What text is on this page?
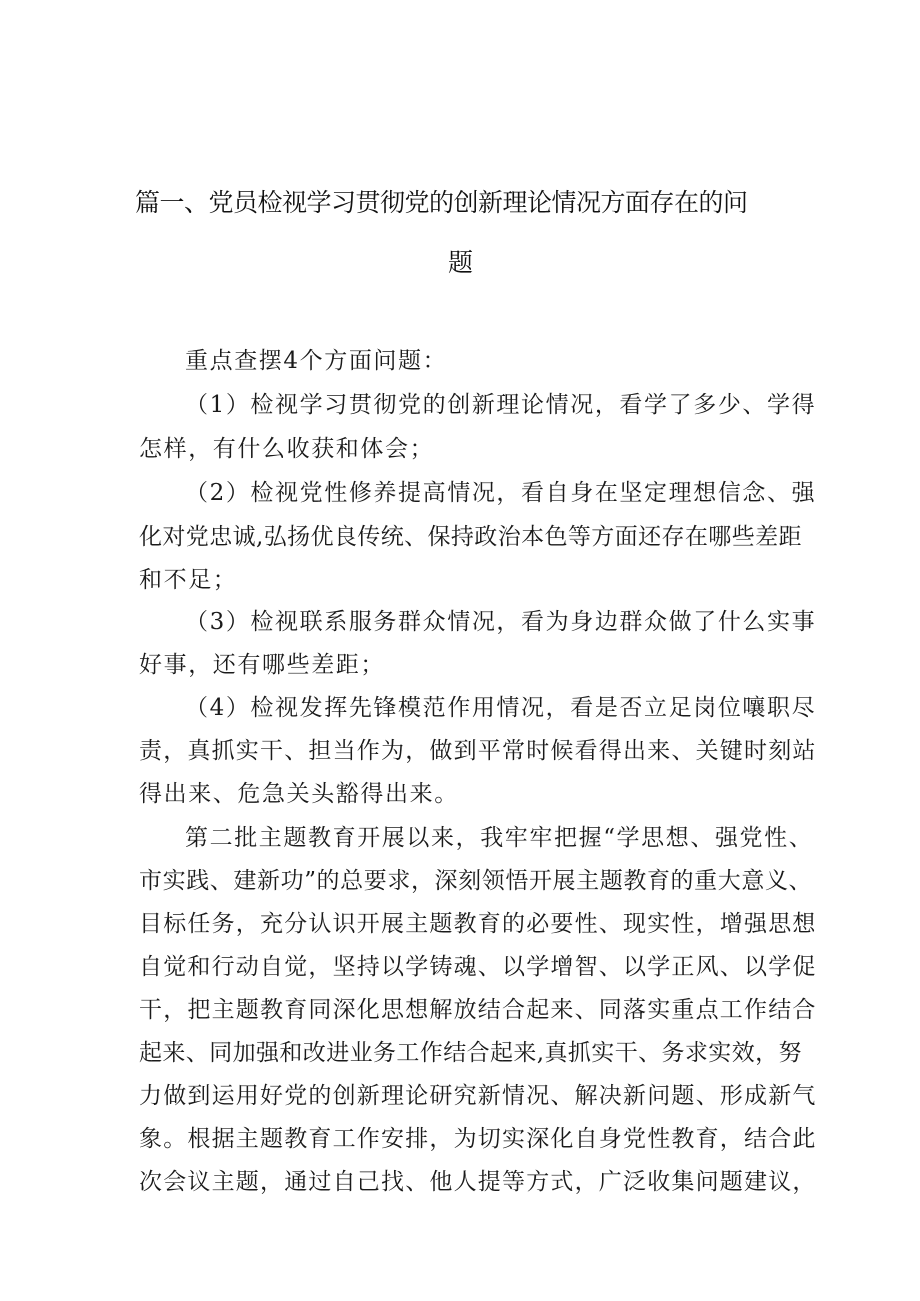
篇一、党员检视学习贯彻党的创新理论情况方面存在的问
题
重点查摆4个方面问题：
（1）检视学习贯彻党的创新理论情况，看学了多少、学得
怎样，有什么收获和体会；
（2）检视党性修养提高情况，看自身在坚定理想信念、强
化对党忠诚,弘扬优良传统、保持政治本色等方面还存在哪些差距
和不足；
（3）检视联系服务群众情况，看为身边群众做了什么实事
好事，还有哪些差距；
（4）检视发挥先锋模范作用情况，看是否立足岗位嚷职尽
责，真抓实干、担当作为，做到平常时候看得出来、关键时刻站
得出来、危急关头豁得出来。
第二批主题教育开展以来，我牢牢把握“学思想、强党性、
市实践、建新功”的总要求，深刻领悟开展主题教育的重大意义、
目标任务，充分认识开展主题教育的必要性、现实性，增强思想
自觉和行动自觉，坚持以学铸魂、以学增智、以学正风、以学促
干，把主题教育同深化思想解放结合起来、同落实重点工作结合
起来、同加强和改进业务工作结合起来,真抓实干、务求实效，努
力做到运用好党的创新理论研究新情况、解决新问题、形成新气
象。根据主题教育工作安排，为切实深化自身党性教育，结合此
次会议主题，通过自己找、他人提等方式，广泛收集问题建议，
